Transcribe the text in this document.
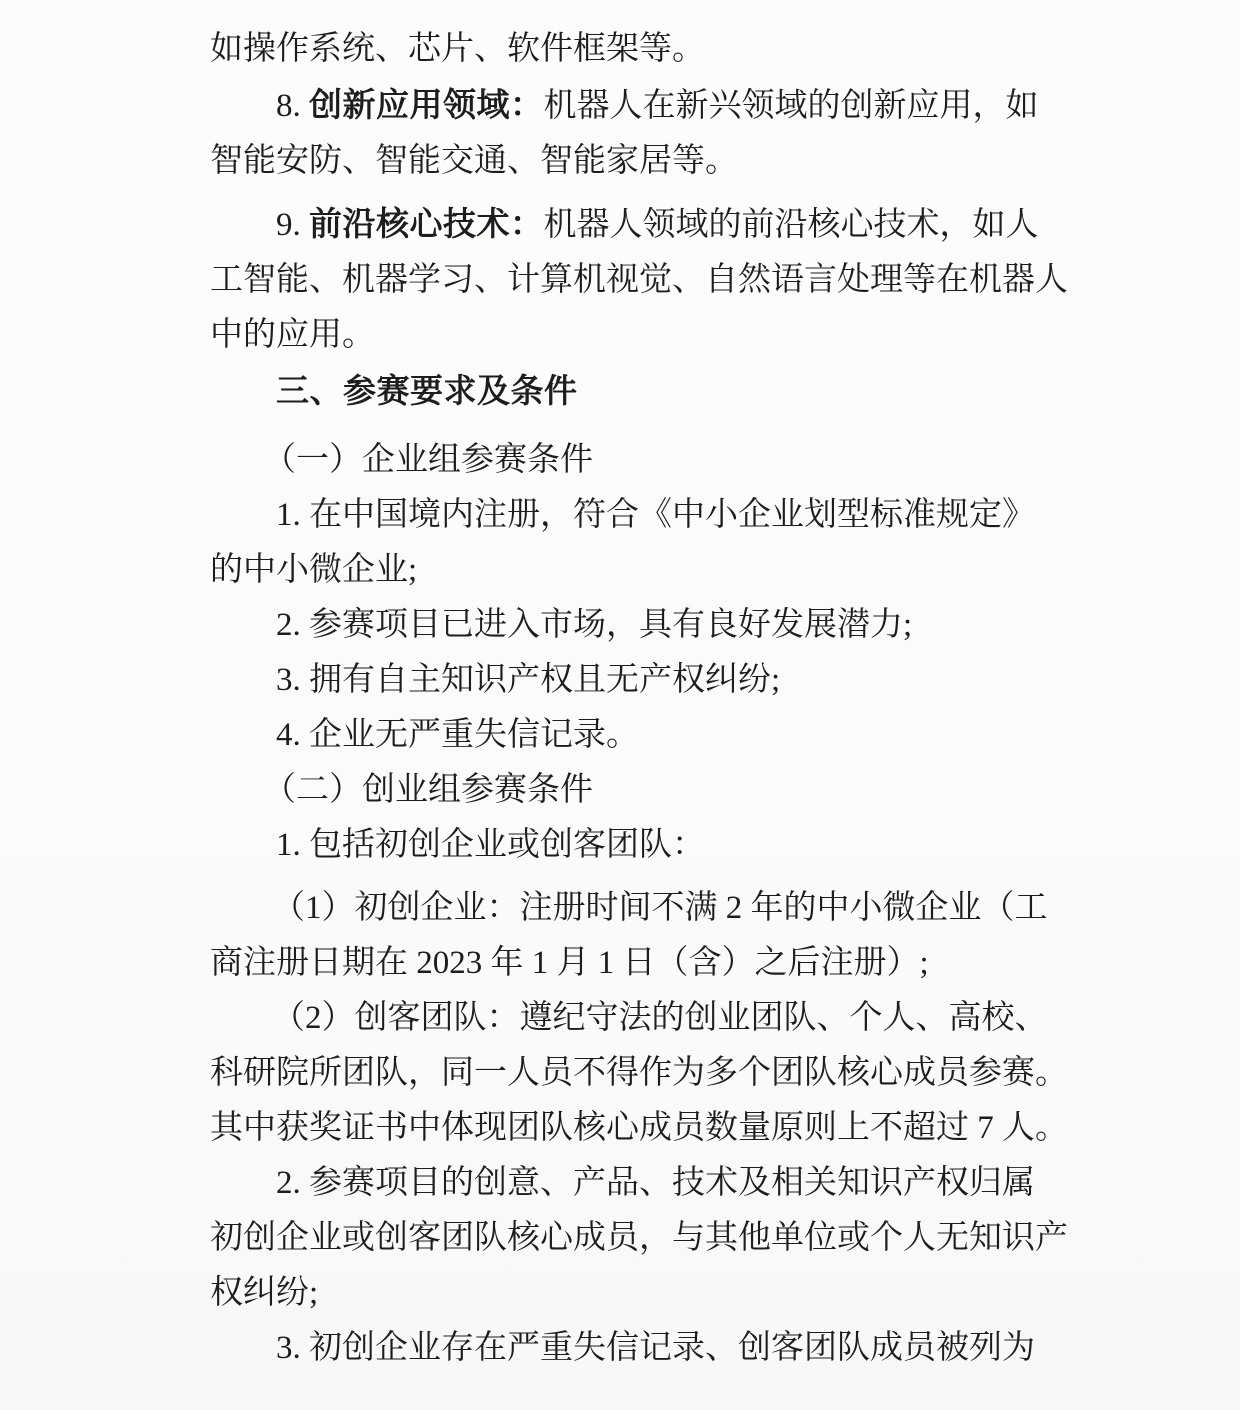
如操作系统、芯片、软件框架等。
8. 创新应用领域：机器人在新兴领域的创新应用，如
智能安防、智能交通、智能家居等。
9. 前沿核心技术：机器人领域的前沿核心技术，如人
工智能、机器学习、计算机视觉、自然语言处理等在机器人
中的应用。
三、参赛要求及条件
（一）企业组参赛条件
1. 在中国境内注册，符合《中小企业划型标准规定》
的中小微企业;
2. 参赛项目已进入市场，具有良好发展潜力;
3. 拥有自主知识产权且无产权纠纷;
4. 企业无严重失信记录。
（二）创业组参赛条件
1. 包括初创企业或创客团队：
（1）初创企业：注册时间不满 2 年的中小微企业（工
商注册日期在 2023 年 1 月 1 日（含）之后注册）;
（2）创客团队：遵纪守法的创业团队、个人、高校、
科研院所团队，同一人员不得作为多个团队核心成员参赛。
其中获奖证书中体现团队核心成员数量原则上不超过 7 人。
2. 参赛项目的创意、产品、技术及相关知识产权归属
初创企业或创客团队核心成员，与其他单位或个人无知识产
权纠纷;
3. 初创企业存在严重失信记录、创客团队成员被列为
